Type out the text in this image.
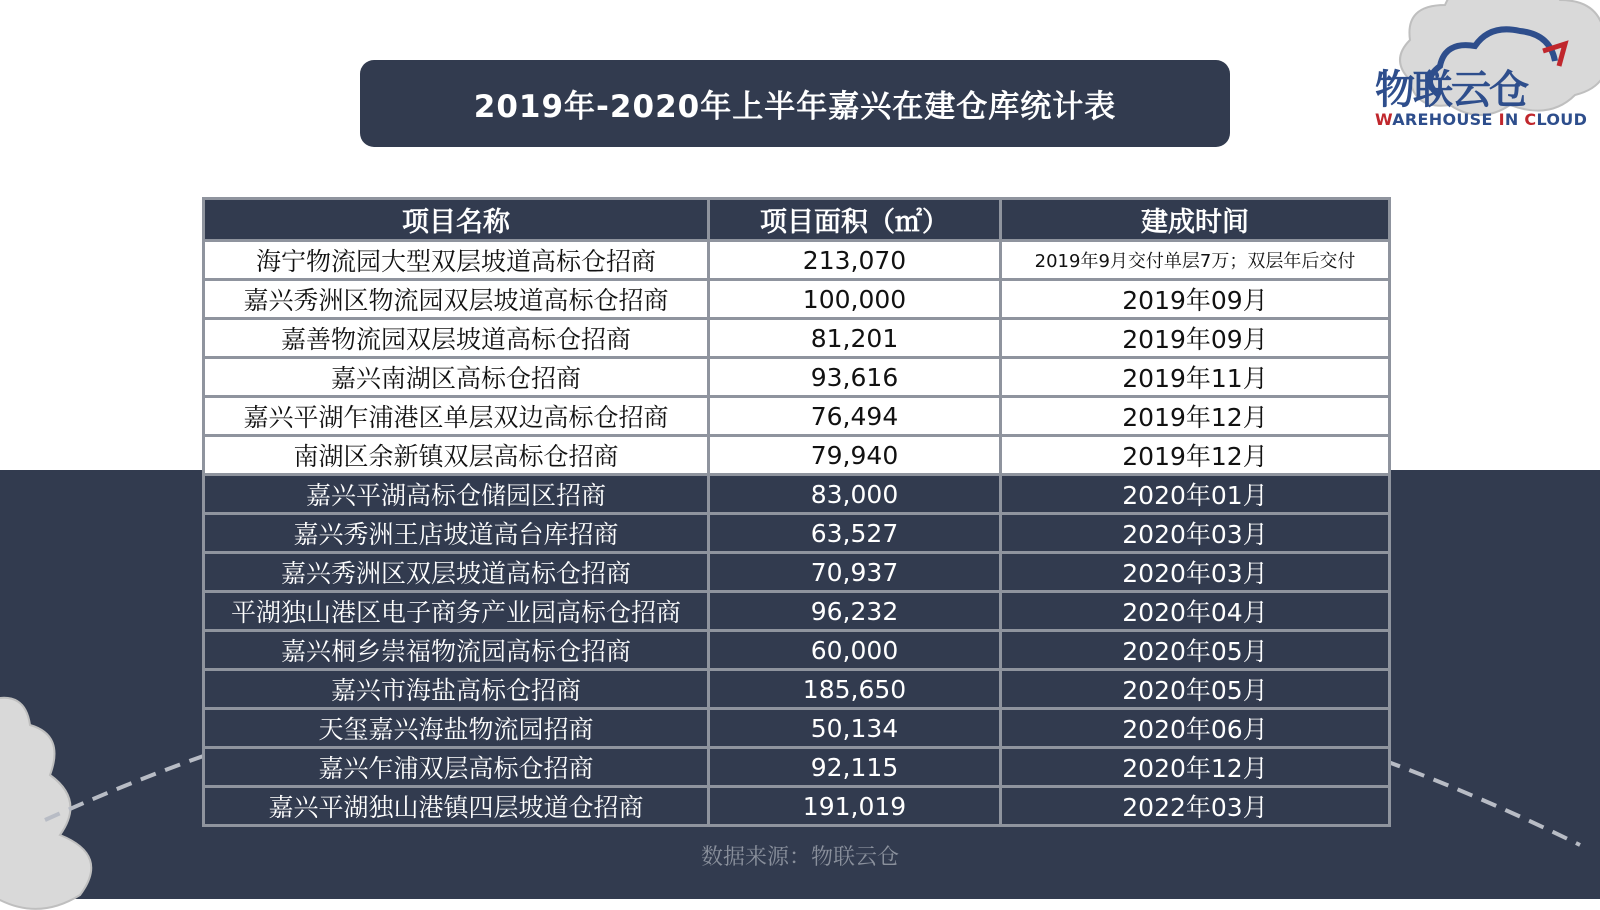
2019年-2020年上半年嘉兴在建仓库统计表	物联云仓
WAREHOUSE IN CLOUD
项目名称	项目面积（㎡）	建成时间
海宁物流园大型双层坡道高标仓招商	213,070	2019年9月交付单层7万；双层年后交付
嘉兴秀洲区物流园双层坡道高标仓招商	100,000	2019年09月
嘉善物流园双层坡道高标仓招商	81,201	2019年09月
嘉兴南湖区高标仓招商	93,616	2019年11月
嘉兴平湖乍浦港区单层双边高标仓招商	76,494	2019年12月
南湖区余新镇双层高标仓招商	79,940	2019年12月
嘉兴平湖高标仓储园区招商	83,000	2020年01月
嘉兴秀洲王店坡道高台库招商	63,527	2020年03月
嘉兴秀洲区双层坡道高标仓招商	70,937	2020年03月
平湖独山港区电子商务产业园高标仓招商	96,232	2020年04月
嘉兴桐乡崇福物流园高标仓招商	60,000	2020年05月
嘉兴市海盐高标仓招商	185,650	2020年05月
天玺嘉兴海盐物流园招商	50,134	2020年06月
嘉兴乍浦双层高标仓招商	92,115	2020年12月
嘉兴平湖独山港镇四层坡道仓招商	191,019	2022年03月
数据来源：物联云仓
